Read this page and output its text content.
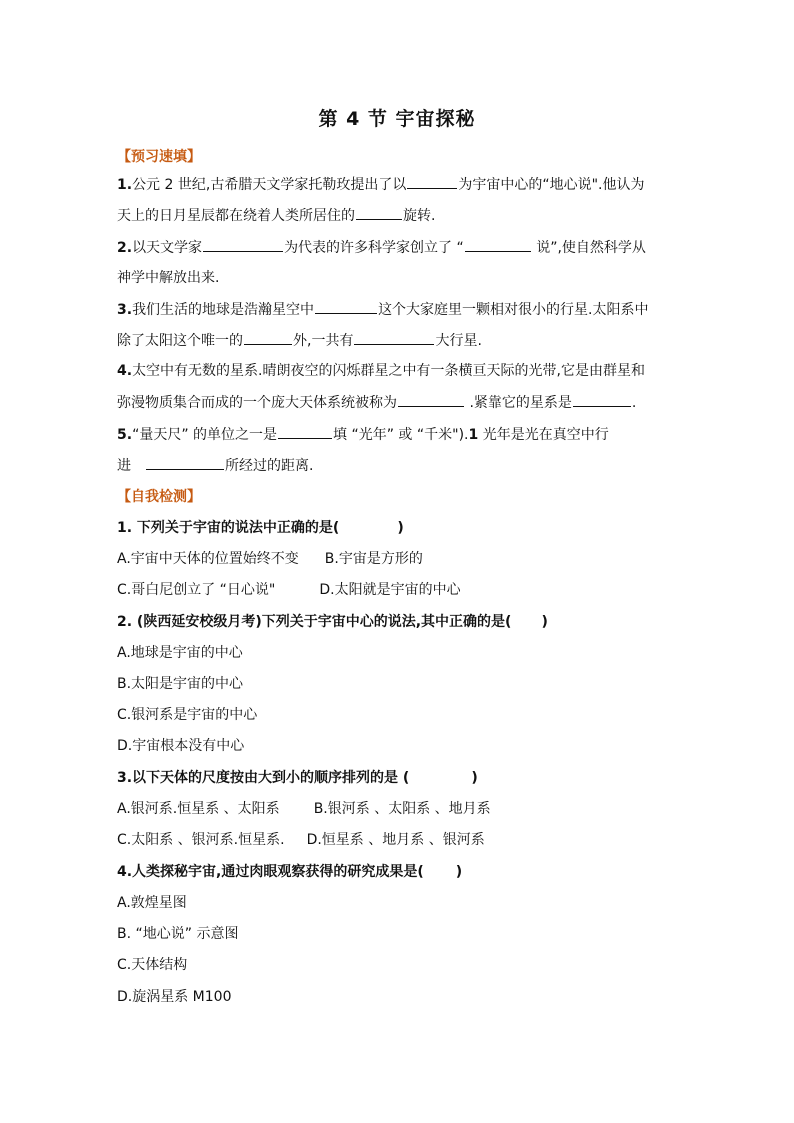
第 4 节 宇宙探秘
【预习速填】
1.公元 2 世纪,古希腊天文学家托勒玫提出了以	为宇宙中心的“地心说".他认为
天上的日月星辰都在绕着人类所居住的	旋转.
2.以天文学家	为代表的许多科学家创立了 “	说”,使自然科学从
神学中解放出来.
3.我们生活的地球是浩瀚星空中	这个大家庭里一颗相对很小的行星.太阳系中
除了太阳这个唯一的	外,一共有	大行星.
4.太空中有无数的星系.晴朗夜空的闪烁群星之中有一条横亘天际的光带,它是由群星和
弥漫物质集合而成的一个庞大天体系统被称为	.紧靠它的星系是	.
5.“量天尺” 的单位之一是	填 “光年” 或 “千米").1 光年是光在真空中行
进	所经过的距离.
【自我检测】
1. 下列关于宇宙的说法中正确的是(	)
A.宇宙中天体的位置始终不变 B.宇宙是方形的
C.哥白尼创立了 “日心说"	D.太阳就是宇宙的中心
2. (陕西延安校级月考)下列关于宇宙中心的说法,其中正确的是( )
A.地球是宇宙的中心
B.太阳是宇宙的中心
C.银河系是宇宙的中心
D.宇宙根本没有中心
3.以下天体的尺度按由大到小的顺序排列的是 (	)
A.银河系.恒星系 、太阳系 B.银河系 、太阳系 、地月系
C.太阳系 、银河系.恒星系. D.恒星系 、地月系 、银河系
4.人类探秘宇宙,通过肉眼观察获得的研究成果是( )
A.敦煌星图
B. “地心说” 示意图
C.天体结构
D.旋涡星系 M100
